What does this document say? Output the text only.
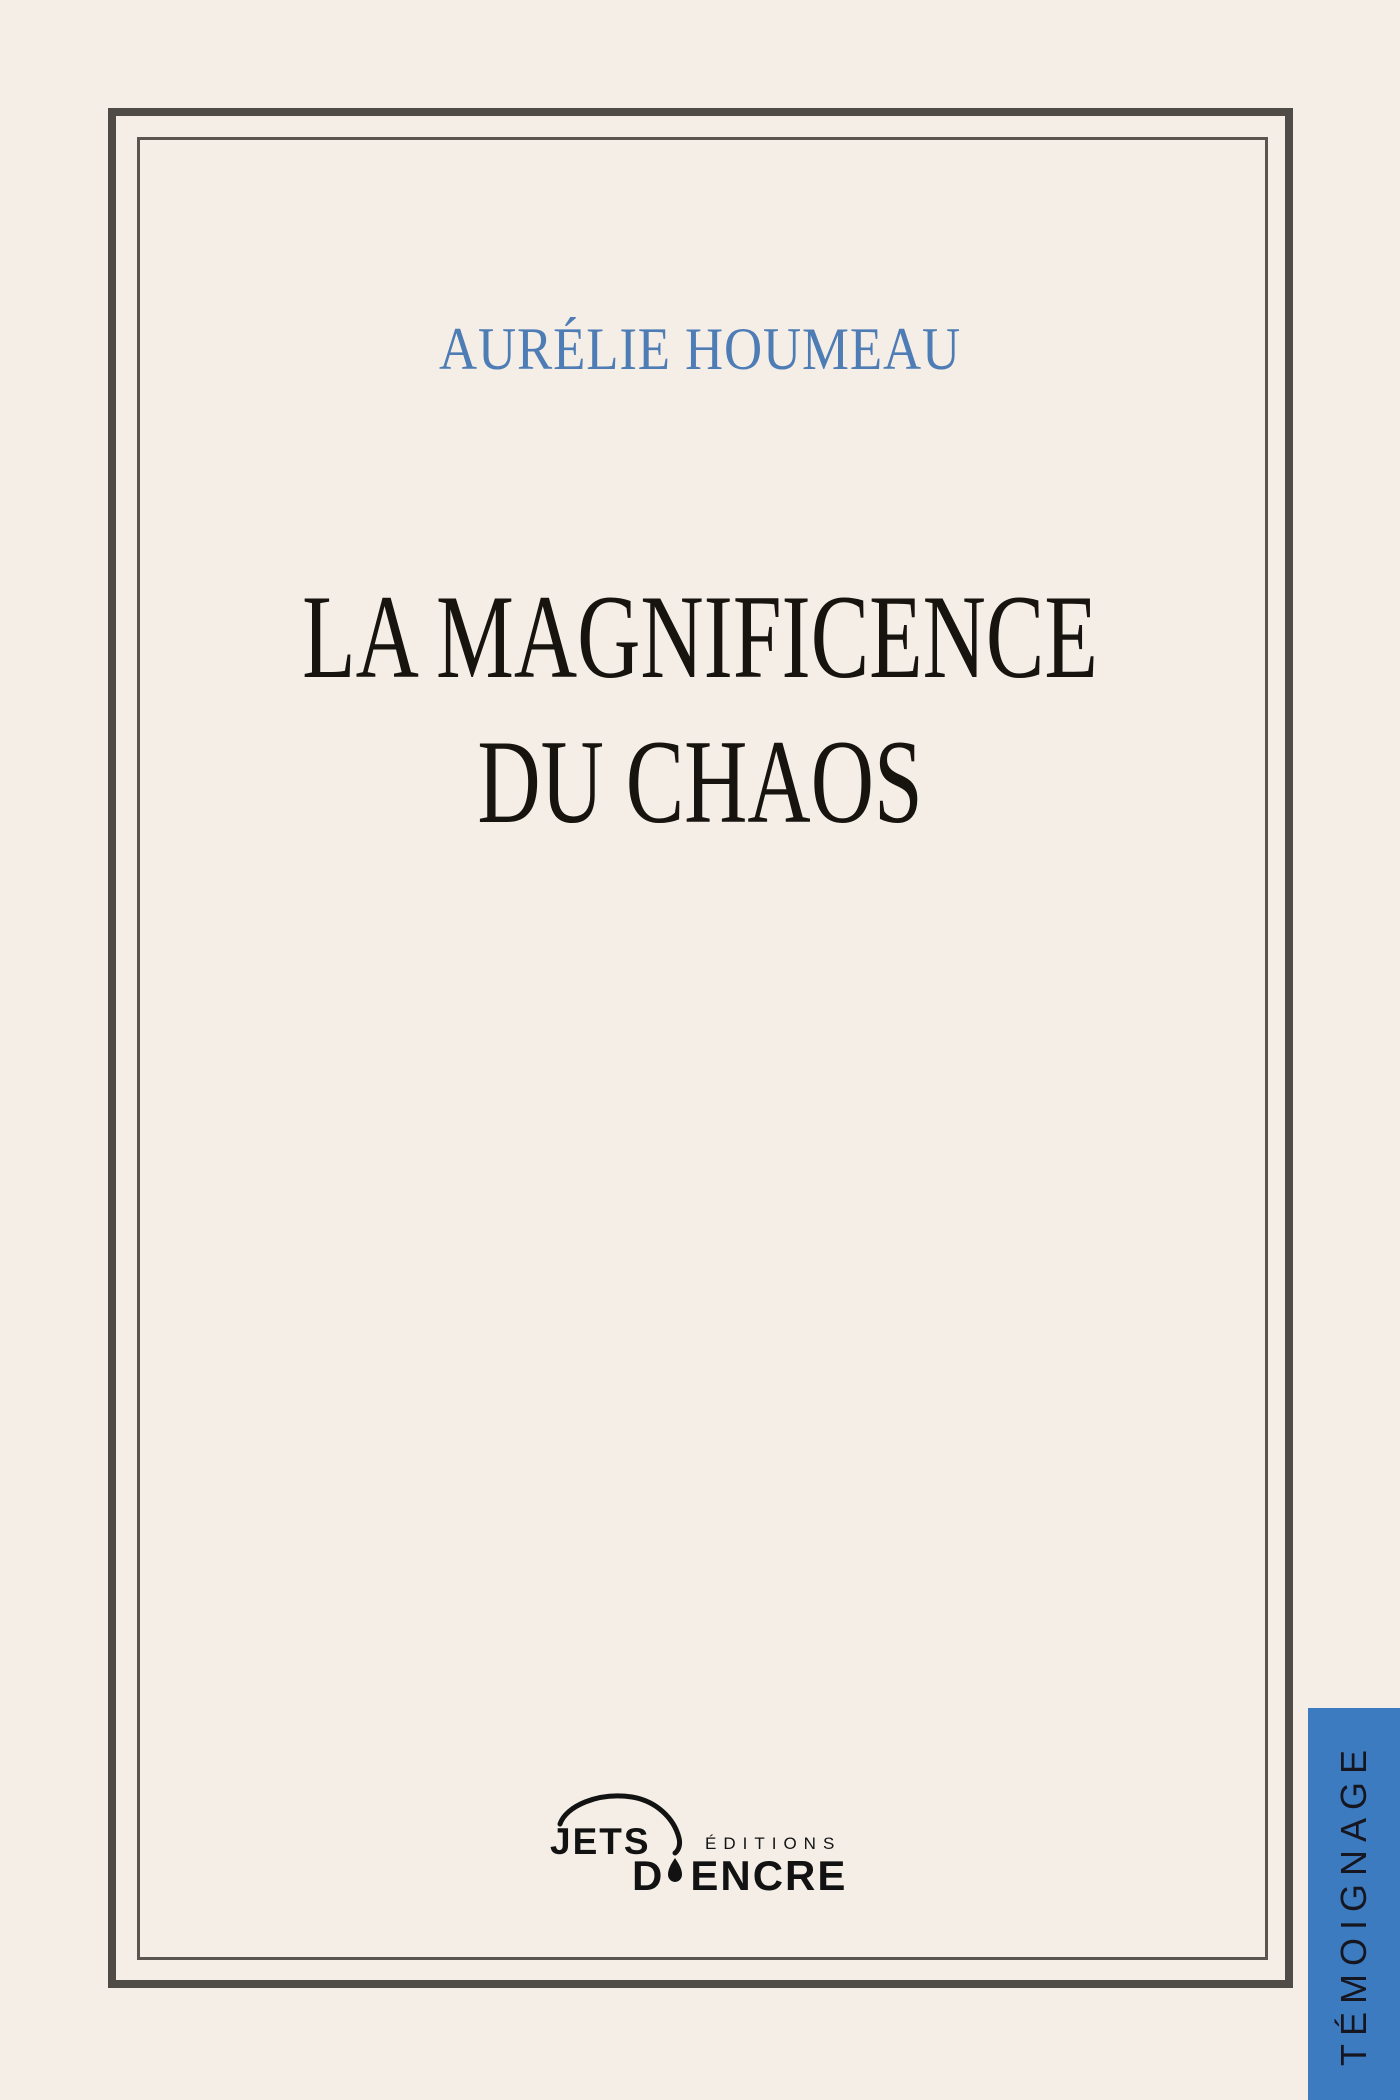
AURÉLIE HOUMEAU
LA MAGNIFICENCE
DU CHAOS
JETS	ÉDITIONS
D ENCRE	TÉMOIGNAGE
